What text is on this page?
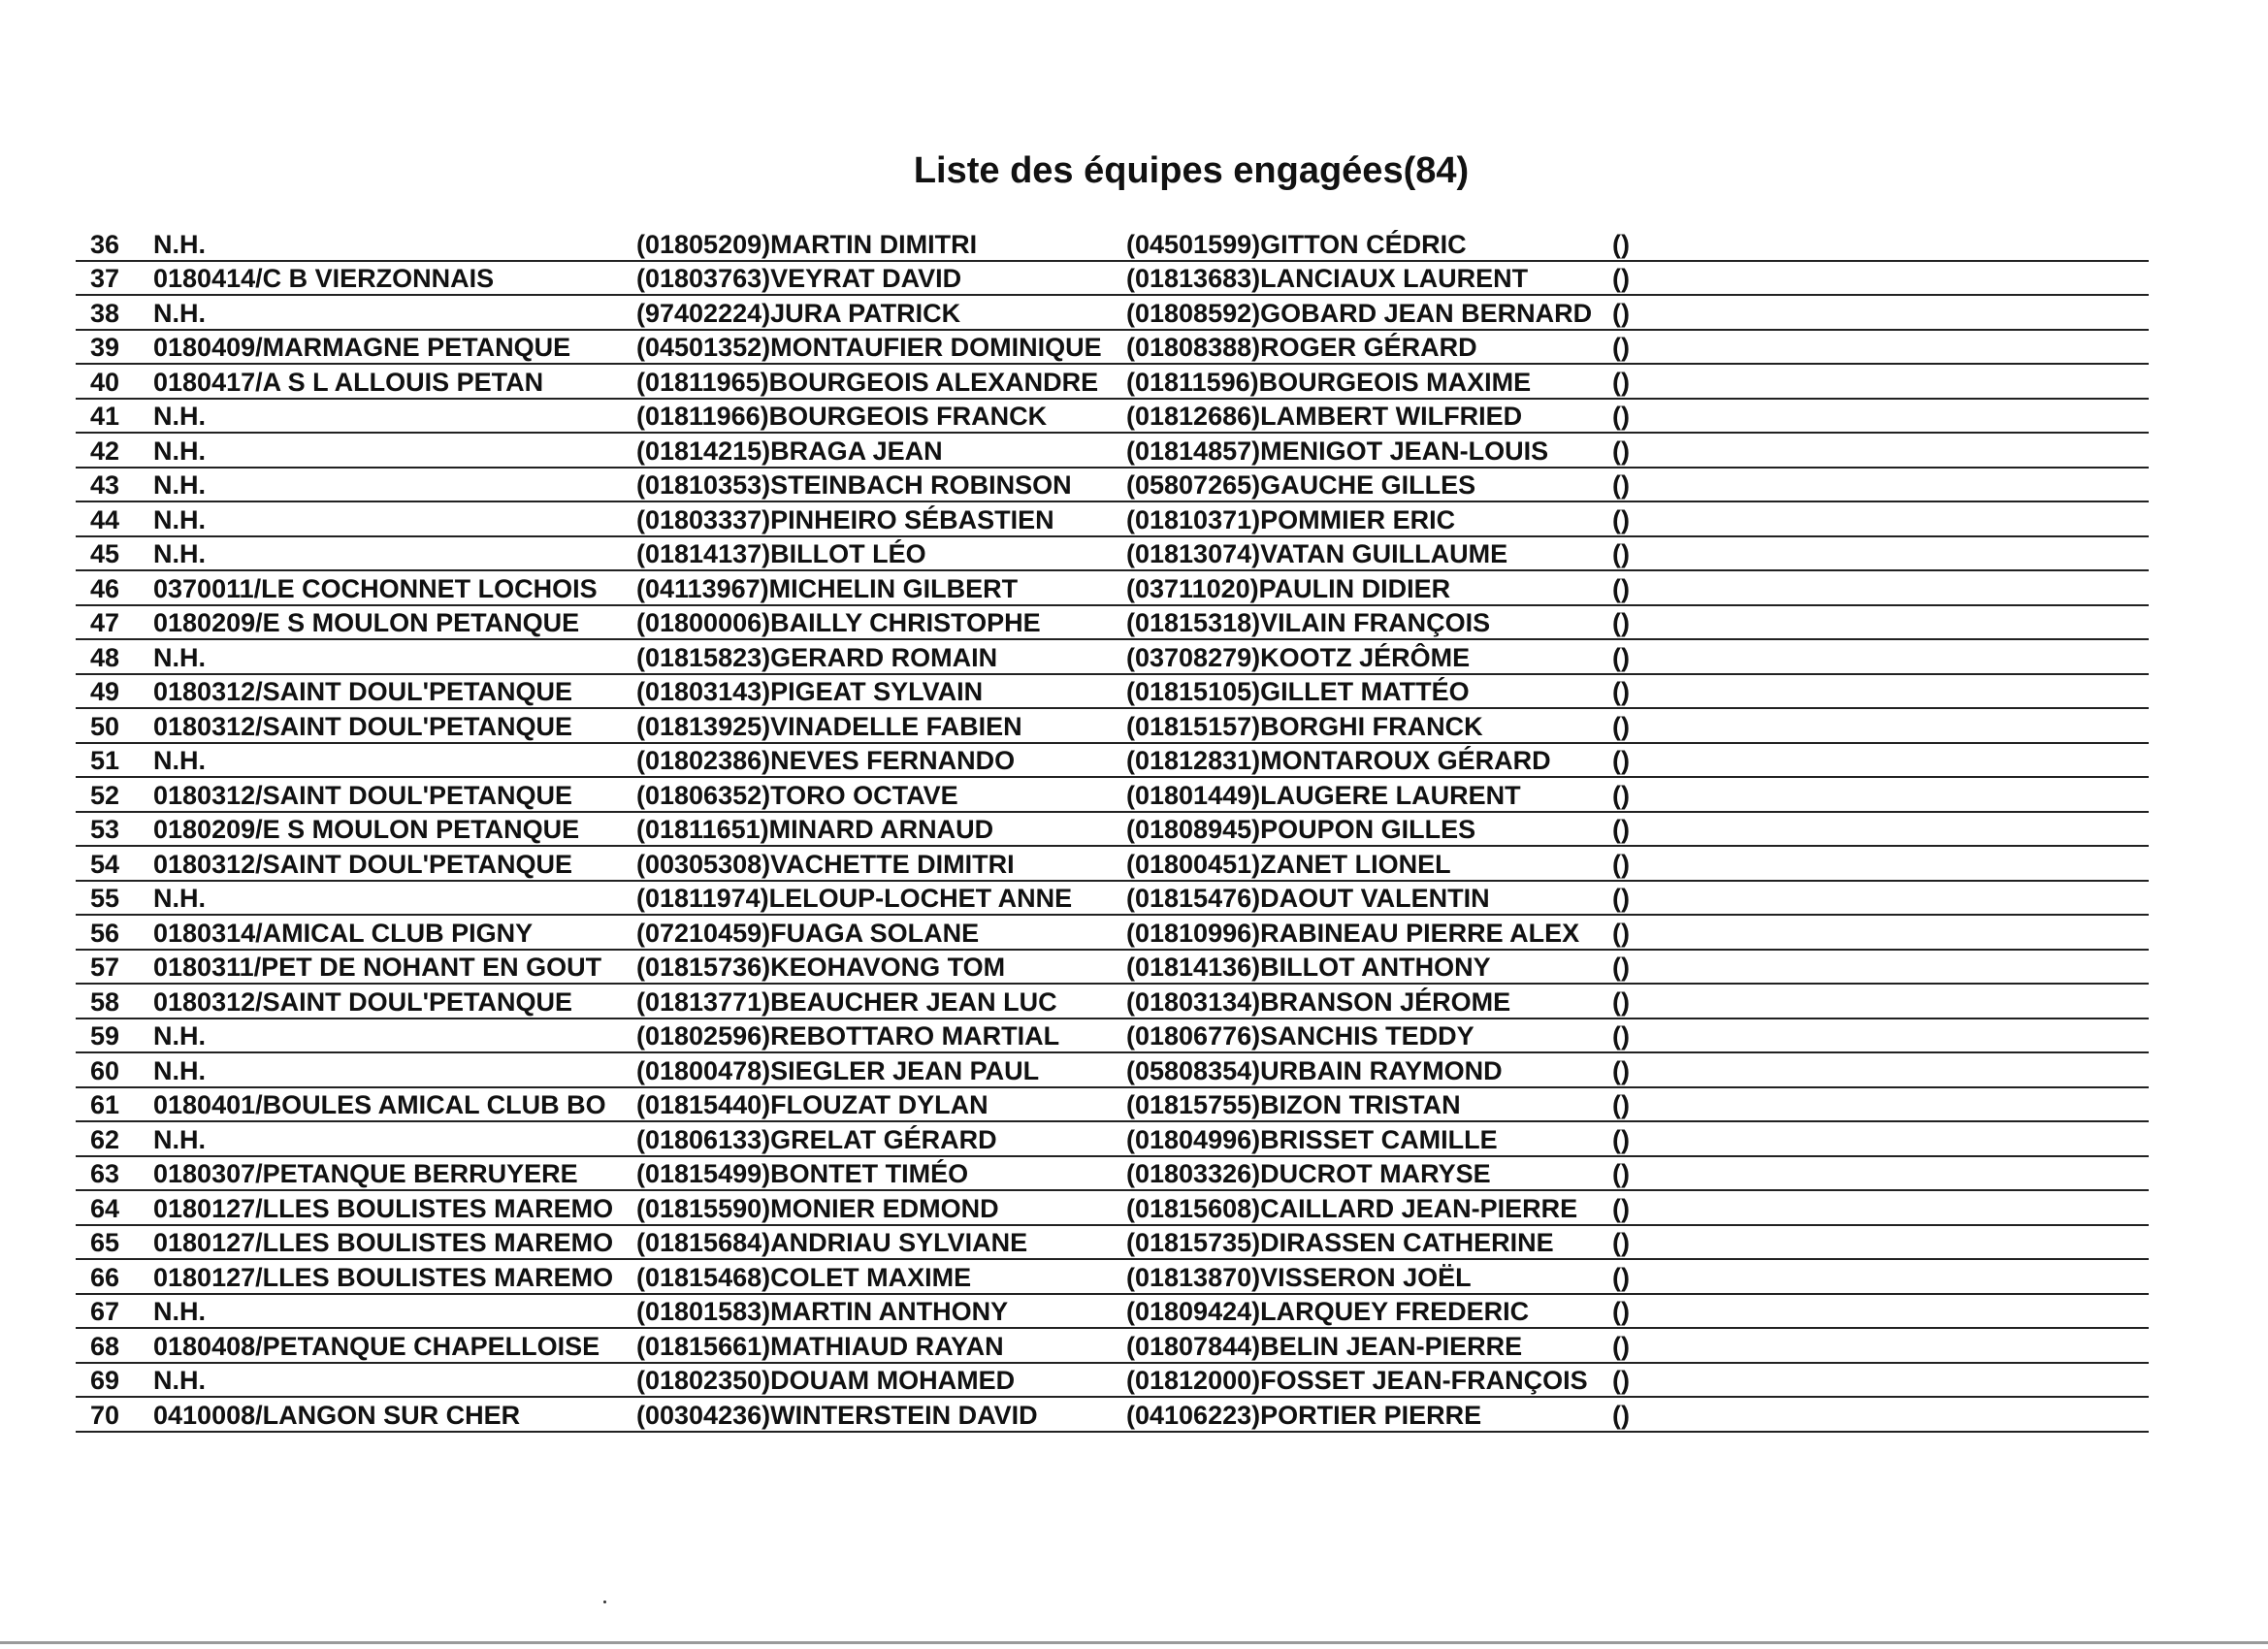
Liste des équipes engagées(84)
36	N.H.	(01805209)MARTIN DIMITRI	(04501599)GITTON CÉDRIC	()
37	0180414/C B VIERZONNAIS	(01803763)VEYRAT DAVID	(01813683)LANCIAUX LAURENT	()
38	N.H.	(97402224)JURA PATRICK	(01808592)GOBARD JEAN BERNARD ()
39	0180409/MARMAGNE PETANQUE	(04501352)MONTAUFIER DOMINIQUE (01808388)ROGER GÉRARD	()
40	0180417/A S L ALLOUIS PETAN	(01811965)BOURGEOIS ALEXANDRE	(01811596)BOURGEOIS MAXIME	()
41	N.H.	(01811966)BOURGEOIS FRANCK	(01812686)LAMBERT WILFRIED	()
42	N.H.	(01814215)BRAGA JEAN	(01814857)MENIGOT JEAN-LOUIS	()
43	N.H.	(01810353)STEINBACH ROBINSON	(05807265)GAUCHE GILLES	()
44	N.H.	(01803337)PINHEIRO SÉBASTIEN	(01810371)POMMIER ERIC	()
45	N.H.	(01814137)BILLOT LÉO	(01813074)VATAN GUILLAUME	()
46	0370011/LE COCHONNET LOCHOIS	(04113967)MICHELIN GILBERT	(03711020)PAULIN DIDIER	()
47	0180209/E S MOULON PETANQUE	(01800006)BAILLY CHRISTOPHE	(01815318)VILAIN FRANÇOIS	()
48	N.H.	(01815823)GERARD ROMAIN	(03708279)KOOTZ JÉRÔME	()
49	0180312/SAINT DOUL'PETANQUE	(01803143)PIGEAT SYLVAIN	(01815105)GILLET MATTÉO	()
50	0180312/SAINT DOUL'PETANQUE	(01813925)VINADELLE FABIEN	(01815157)BORGHI FRANCK	()
51	N.H.	(01802386)NEVES FERNANDO	(01812831)MONTAROUX GÉRARD	()
52	0180312/SAINT DOUL'PETANQUE	(01806352)TORO OCTAVE	(01801449)LAUGERE LAURENT	()
53	0180209/E S MOULON PETANQUE	(01811651)MINARD ARNAUD	(01808945)POUPON GILLES	()
54	0180312/SAINT DOUL'PETANQUE	(00305308)VACHETTE DIMITRI	(01800451)ZANET LIONEL	()
55	N.H.	(01811974)LELOUP-LOCHET ANNE	(01815476)DAOUT VALENTIN	()
56	0180314/AMICAL CLUB PIGNY	(07210459)FUAGA SOLANE	(01810996)RABINEAU PIERRE ALEX	()
57	0180311/PET DE NOHANT EN GOUT	(01815736)KEOHAVONG TOM	(01814136)BILLOT ANTHONY	()
58	0180312/SAINT DOUL'PETANQUE	(01813771)BEAUCHER JEAN LUC	(01803134)BRANSON JÉROME	()
59	N.H.	(01802596)REBOTTARO MARTIAL	(01806776)SANCHIS TEDDY	()
60	N.H.	(01800478)SIEGLER JEAN PAUL	(05808354)URBAIN RAYMOND	()
61	0180401/BOULES AMICAL CLUB BO	(01815440)FLOUZAT DYLAN	(01815755)BIZON TRISTAN	()
62	N.H.	(01806133)GRELAT GÉRARD	(01804996)BRISSET CAMILLE	()
63	0180307/PETANQUE BERRUYERE	(01815499)BONTET TIMÉO	(01803326)DUCROT MARYSE	()
64	0180127/LLES BOULISTES MAREMO (01815590)MONIER EDMOND	(01815608)CAILLARD JEAN-PIERRE	()
65	0180127/LLES BOULISTES MAREMO (01815684)ANDRIAU SYLVIANE	(01815735)DIRASSEN CATHERINE	()
66	0180127/LLES BOULISTES MAREMO (01815468)COLET MAXIME	(01813870)VISSERON JOËL	()
67	N.H.	(01801583)MARTIN ANTHONY	(01809424)LARQUEY FREDERIC	()
68	0180408/PETANQUE CHAPELLOISE	(01815661)MATHIAUD RAYAN	(01807844)BELIN JEAN-PIERRE	()
69	N.H.	(01802350)DOUAM MOHAMED	(01812000)FOSSET JEAN-FRANÇOIS ()
70	0410008/LANGON SUR CHER	(00304236)WINTERSTEIN DAVID	(04106223)PORTIER PIERRE	()
